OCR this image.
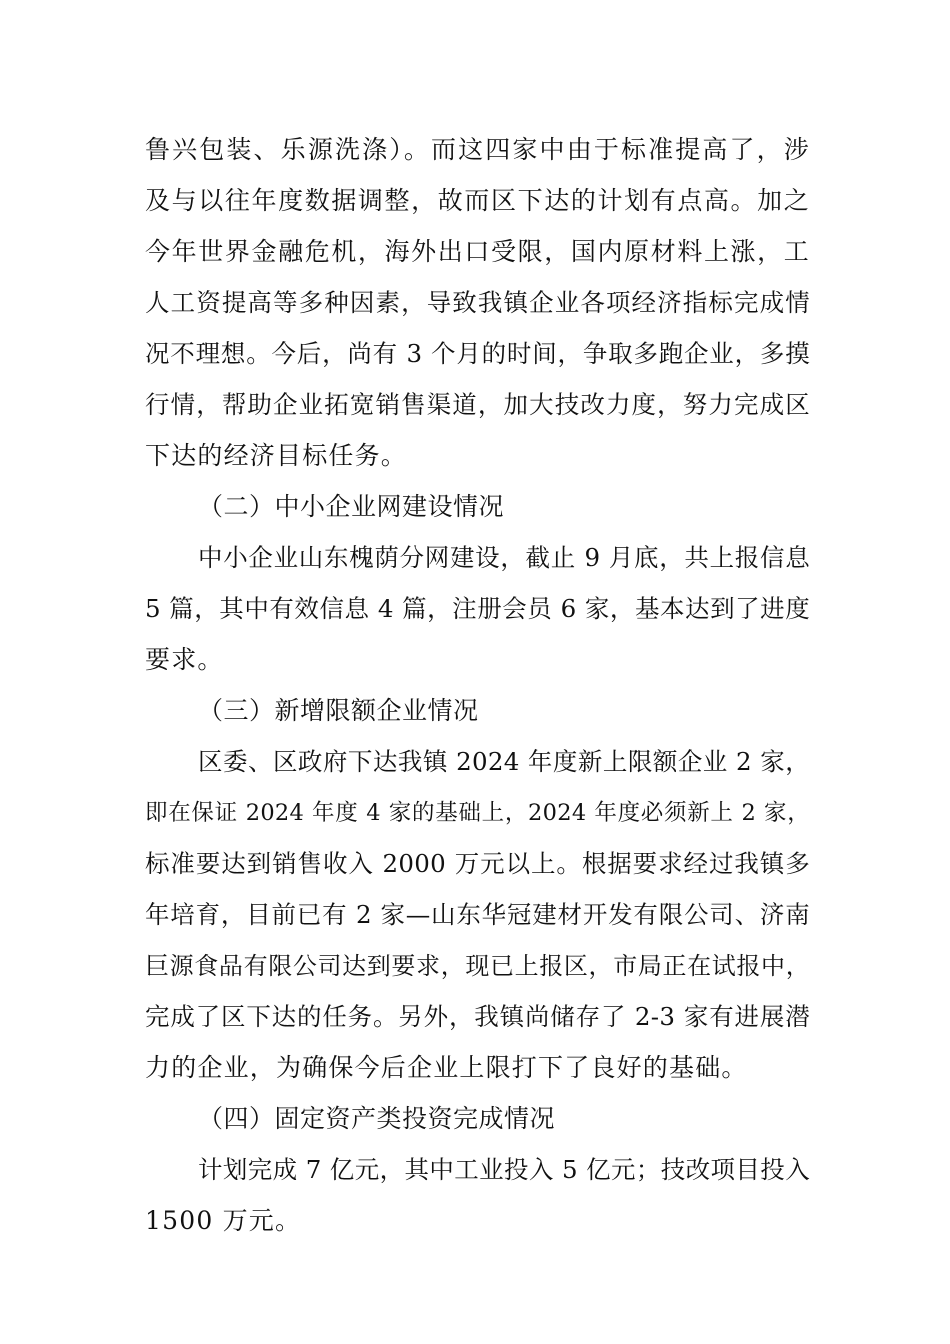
鲁兴包装、乐源洗涤）。而这四家中由于标准提高了，涉
及与以往年度数据调整，故而区下达的计划有点高。加之
今年世界金融危机，海外出口受限，国内原材料上涨，工
人工资提高等多种因素，导致我镇企业各项经济指标完成情
况不理想。今后，尚有 3 个月的时间，争取多跑企业，多摸
行情，帮助企业拓宽销售渠道，加大技改力度，努力完成区
下达的经济目标任务。
（二）中小企业网建设情况
中小企业山东槐荫分网建设，截止 9 月底，共上报信息
5 篇，其中有效信息 4 篇，注册会员 6 家，基本达到了进度
要求。
（三）新增限额企业情况
区委、区政府下达我镇 2024 年度新上限额企业 2 家，
即在保证 2024 年度 4 家的基础上，2024 年度必须新上 2 家，
标准要达到销售收入 2000 万元以上。根据要求经过我镇多
年培育，目前已有 2 家—山东华冠建材开发有限公司、济南
巨源食品有限公司达到要求，现已上报区，市局正在试报中，
完成了区下达的任务。另外，我镇尚储存了 2-3 家有进展潜
力的企业，为确保今后企业上限打下了良好的基础。
（四）固定资产类投资完成情况
计划完成 7 亿元，其中工业投入 5 亿元；技改项目投入
1500 万元。
